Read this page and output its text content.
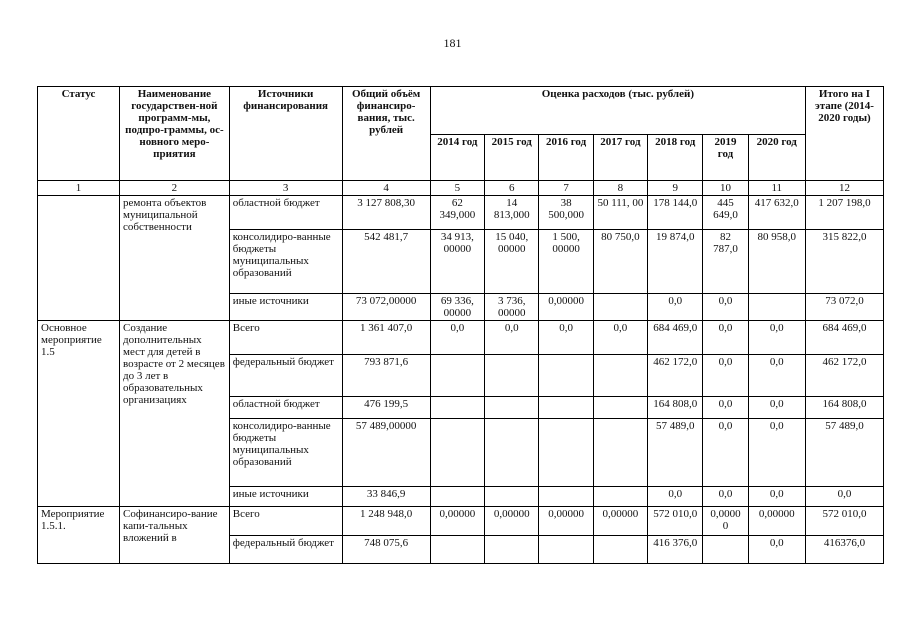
181
Статус	Наименование государствен-ной программ-мы, подпро-граммы, ос-новного меро-приятия	Источники финансирования	Общий объём финансиро-вания, тыс. рублей	Оценка расходов (тыс. рублей)							Итого на I этапе (2014-2020 годы)
				2014 год	2015 год	2016 год	2017 год	2018 год	2019 год	2020 год	
1	2	3	4	5	6	7	8	9	10	11	12
	ремонта объектов муниципальной собственности	областной бюджет	3 127 808,30	62 349,000	14 813,000	38 500,000	50 111, 00	178 144,0	445 649,0	417 632,0	1 207 198,0
		консолидиро-ванные бюджеты муниципальных образований	542 481,7	34 913, 00000	15 040, 00000	1 500, 00000	80 750,0	19 874,0	82 787,0	80 958,0	315 822,0
		иные источники	73 072,00000	69 336, 00000	3 736, 00000	0,00000		0,0	0,0		73 072,0
Основное мероприятие 1.5	Создание дополнительных мест для детей в возрасте от 2 месяцев до 3 лет в образовательных организациях	Всего	1 361 407,0	0,0	0,0	0,0	0,0	684 469,0	0,0	0,0	684 469,0
		федеральный бюджет	793 871,6					462 172,0	0,0	0,0	462 172,0
		областной бюджет	476 199,5					164 808,0	0,0	0,0	164 808,0
		консолидиро-ванные бюджеты муниципальных образований	57 489,00000					57 489,0	0,0	0,0	57 489,0
		иные источники	33 846,9					0,0	0,0	0,0	0,0
Мероприятие 1.5.1.	Софинансиро-вание капи-тальных вложений в	Всего	1 248 948,0	0,00000	0,00000	0,00000	0,00000	572 010,0	0,0000 0	0,00000	572 010,0
		федеральный бюджет	748 075,6					416 376,0		0,0	416376,0
